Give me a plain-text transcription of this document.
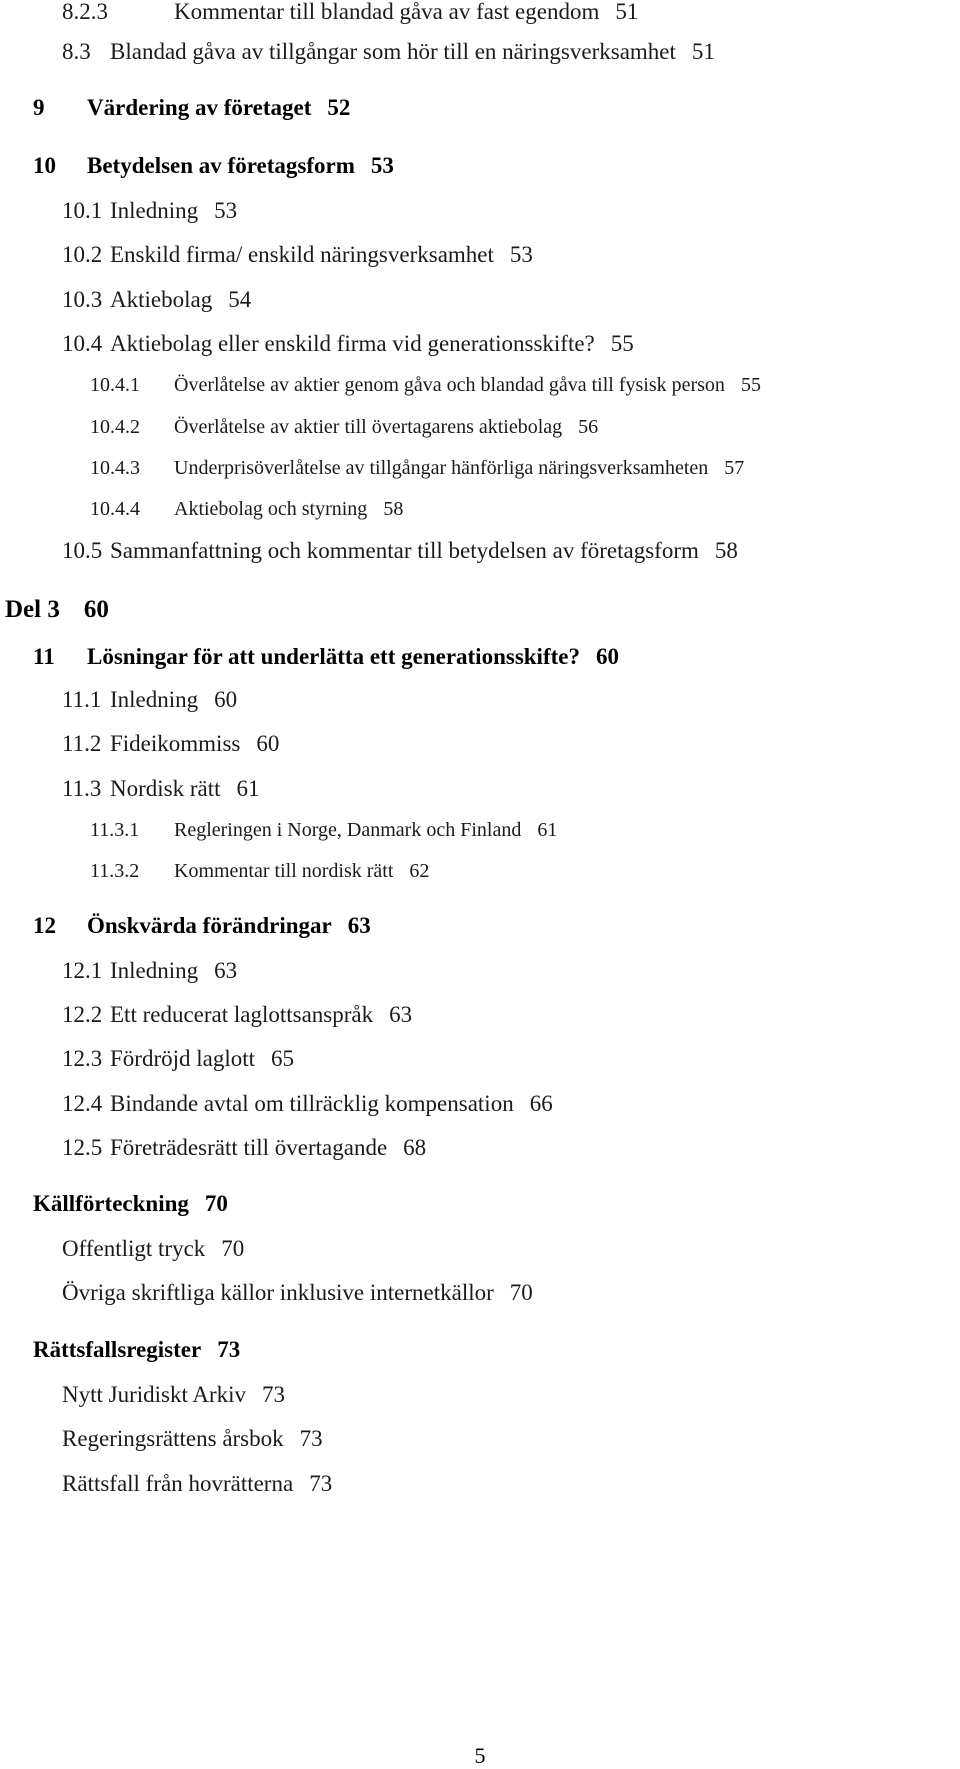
8.2.3	Kommentar till blandad gåva av fast egendom 51
8.3 Blandad gåva av tillgångar som hör till en näringsverksamhet 51
9 Värdering av företaget 52
10 Betydelsen av företagsform 53
10.1 Inledning 53
10.2 Enskild firma/ enskild näringsverksamhet 53
10.3 Aktiebolag 54
10.4 Aktiebolag eller enskild firma vid generationsskifte? 55
10.4.1 Överlåtelse av aktier genom gåva och blandad gåva till fysisk person 55
10.4.2 Överlåtelse av aktier till övertagarens aktiebolag 56
10.4.3 Underprisöverlåtelse av tillgångar hänförliga näringsverksamheten 57
10.4.4 Aktiebolag och styrning 58
10.5 Sammanfattning och kommentar till betydelsen av företagsform 58
Del 3 60
11 Lösningar för att underlätta ett generationsskifte? 60
11.1 Inledning 60
11.2 Fideikommiss 60
11.3 Nordisk rätt 61
11.3.1 Regleringen i Norge, Danmark och Finland 61
11.3.2 Kommentar till nordisk rätt 62
12 Önskvärda förändringar 63
12.1 Inledning 63
12.2 Ett reducerat laglottsanspråk 63
12.3 Fördröjd laglott 65
12.4 Bindande avtal om tillräcklig kompensation 66
12.5 Företrädesrätt till övertagande 68
Källförteckning 70
Offentligt tryck 70
Övriga skriftliga källor inklusive internetkällor 70
Rättsfallsregister 73
Nytt Juridiskt Arkiv 73
Regeringsrättens årsbok 73
Rättsfall från hovrätterna 73
5
